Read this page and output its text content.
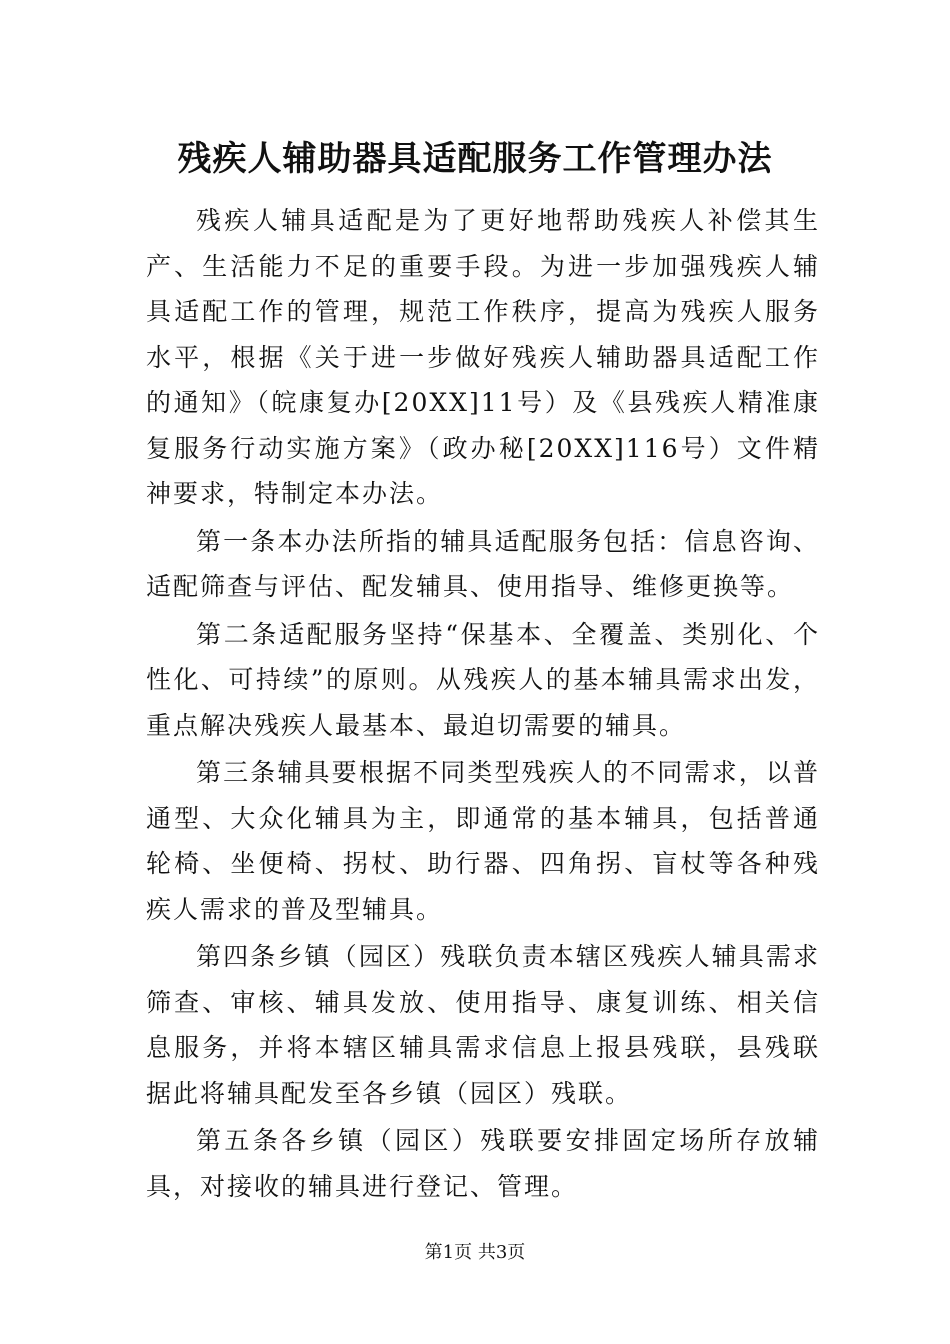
残疾人辅助器具适配服务工作管理办法

残疾人辅具适配是为了更好地帮助残疾人补偿其生产、生活能力不足的重要手段。为进一步加强残疾人辅具适配工作的管理，规范工作秩序，提高为残疾人服务水平，根据《关于进一步做好残疾人辅助器具适配工作的通知》（皖康复办[20XX]11号）及《县残疾人精准康复服务行动实施方案》（政办秘[20XX]116号）文件精神要求，特制定本办法。

第一条本办法所指的辅具适配服务包括：信息咨询、适配筛查与评估、配发辅具、使用指导、维修更换等。

第二条适配服务坚持“保基本、全覆盖、类别化、个性化、可持续”的原则。从残疾人的基本辅具需求出发，重点解决残疾人最基本、最迫切需要的辅具。

第三条辅具要根据不同类型残疾人的不同需求，以普通型、大众化辅具为主，即通常的基本辅具，包括普通轮椅、坐便椅、拐杖、助行器、四角拐、盲杖等各种残疾人需求的普及型辅具。

第四条乡镇（园区）残联负责本辖区残疾人辅具需求筛查、审核、辅具发放、使用指导、康复训练、相关信息服务，并将本辖区辅具需求信息上报县残联，县残联据此将辅具配发至各乡镇（园区）残联。

第五条各乡镇（园区）残联要安排固定场所存放辅具，对接收的辅具进行登记、管理。

第1页 共3页
